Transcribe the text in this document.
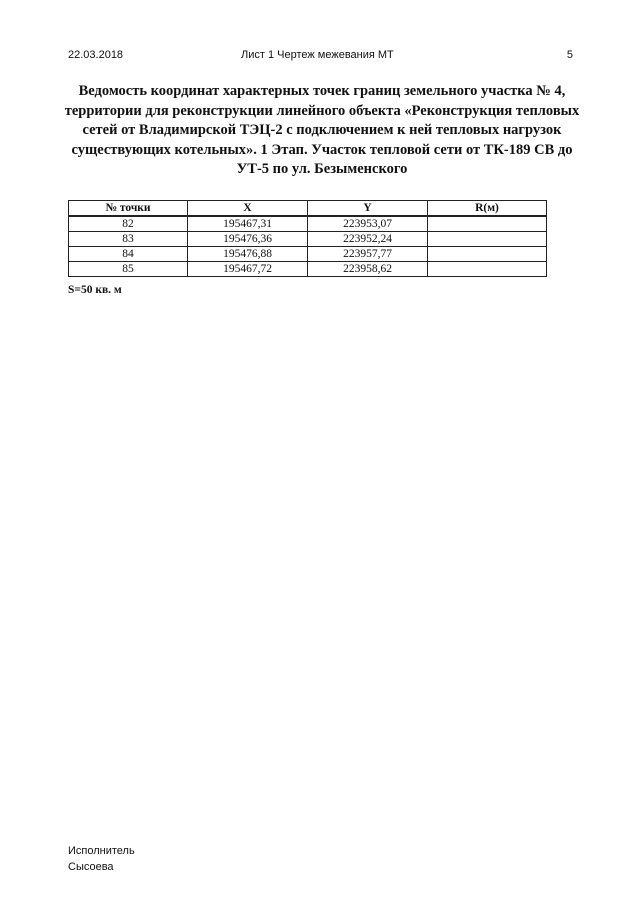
22.03.2018	Лист 1 Чертеж межевания МТ	5
Ведомость координат характерных точек границ земельного участка № 4, территории для реконструкции линейного объекта «Реконструкция тепловых сетей от Владимирской ТЭЦ-2 с подключением к ней тепловых нагрузок существующих котельных». 1 Этап. Участок тепловой сети от ТК-189 СВ до УТ-5 по ул. Безыменского
№ точки	X	Y	R(м)
82	195467,31	223953,07	
83	195476,36	223952,24	
84	195476,88	223957,77	
85	195467,72	223958,62	
S=50 кв. м
Исполнитель
Сысоева
